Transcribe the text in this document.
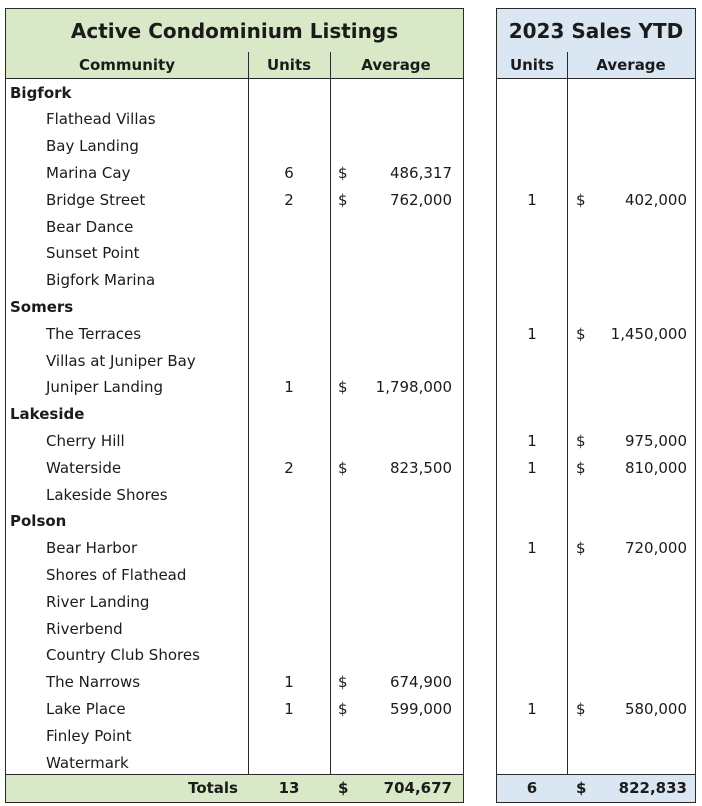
Active Condominium Listings
Community	Units	Average
Bigfork
Flathead Villas
Bay Landing
Marina Cay	6	$	486,317
Bridge Street	2	$	762,000
Bear Dance
Sunset Point
Bigfork Marina
Somers
The Terraces
Villas at Juniper Bay
Juniper Landing	1	$	1,798,000
Lakeside
Cherry Hill
Waterside	2	$	823,500
Lakeside Shores
Polson
Bear Harbor
Shores of Flathead
River Landing
Riverbend
Country Club Shores
The Narrows	1	$	674,900
Lake Place	1	$	599,000
Finley Point
Watermark
Totals	13	$	704,677
2023 Sales YTD
Units	Average
1	$	402,000
1	$	1,450,000
1	$	975,000
1	$	810,000
1	$	720,000
1	$	580,000
6	$	822,833
